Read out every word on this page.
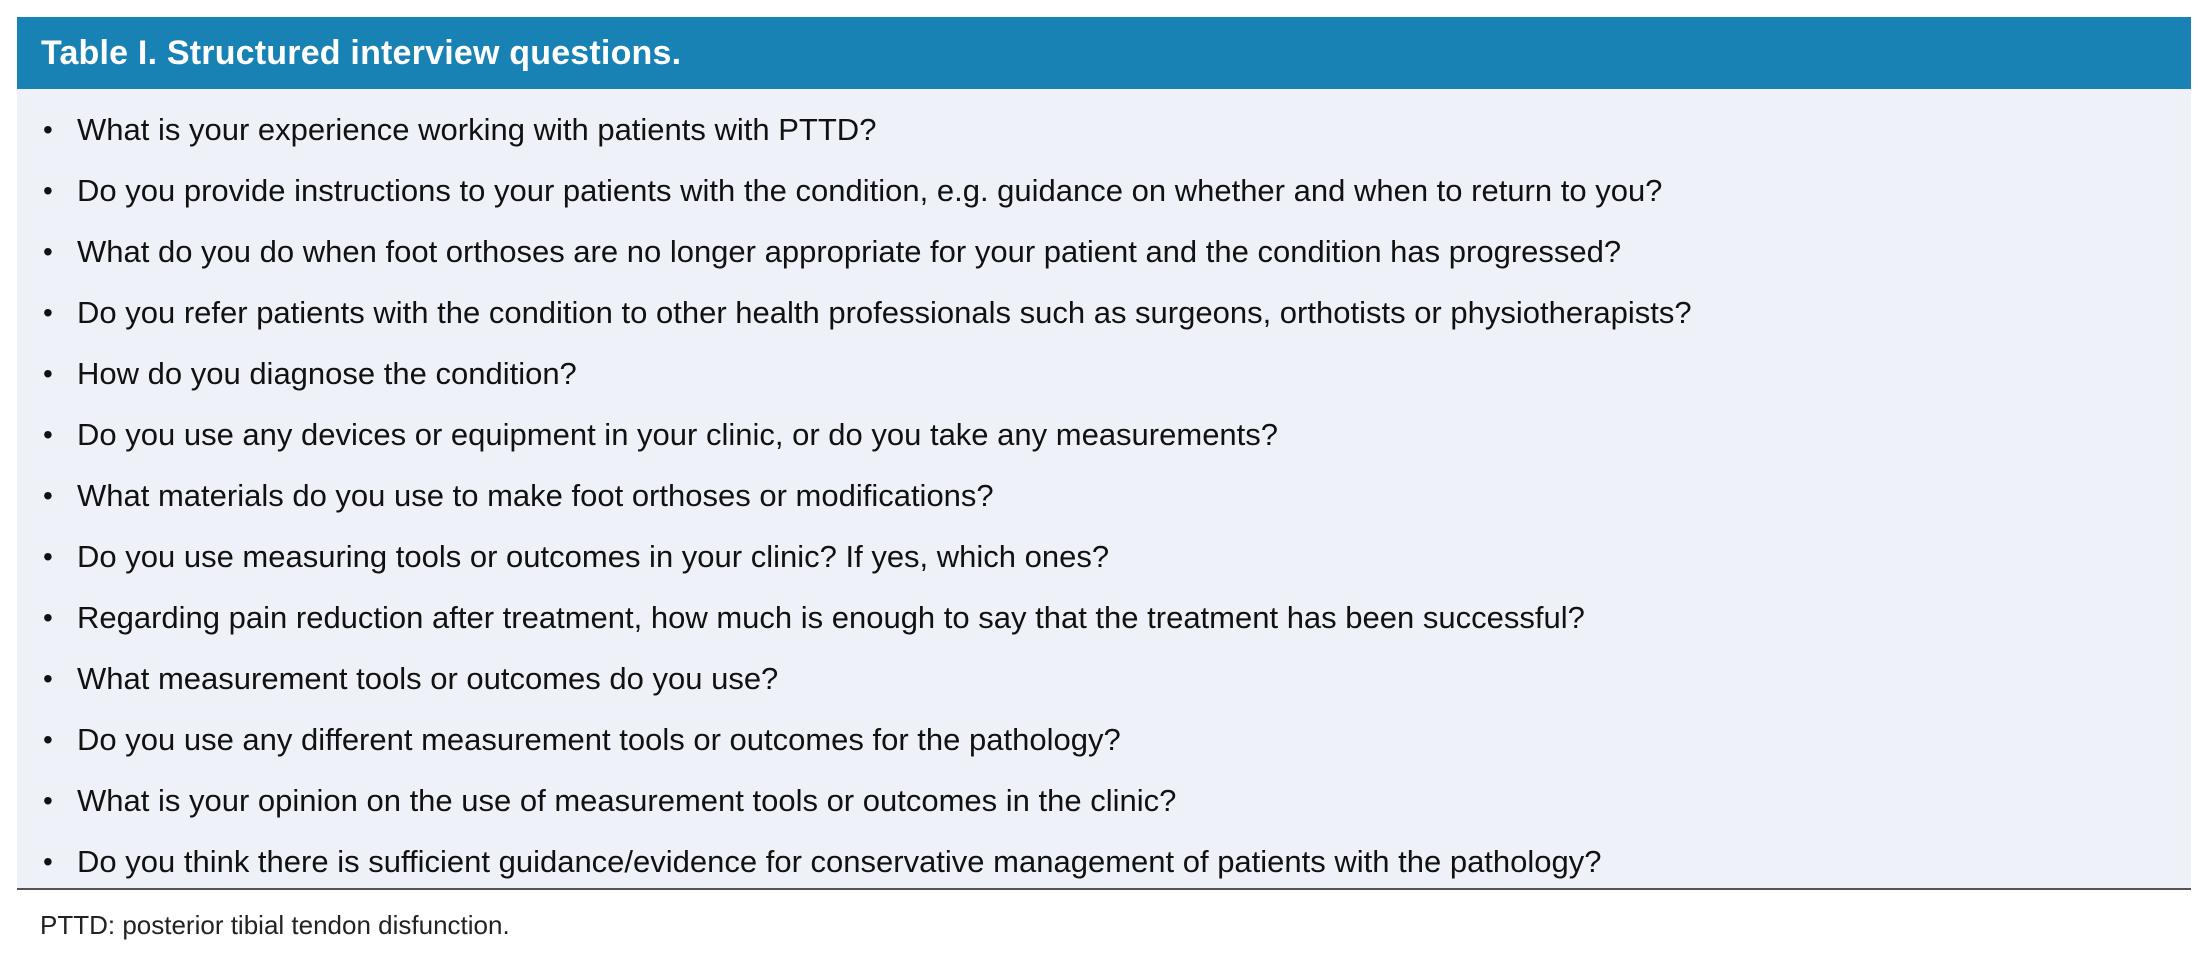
Table I. Structured interview questions.
• What is your experience working with patients with PTTD?
• Do you provide instructions to your patients with the condition, e.g. guidance on whether and when to return to you?
• What do you do when foot orthoses are no longer appropriate for your patient and the condition has progressed?
• Do you refer patients with the condition to other health professionals such as surgeons, orthotists or physiotherapists?
• How do you diagnose the condition?
• Do you use any devices or equipment in your clinic, or do you take any measurements?
• What materials do you use to make foot orthoses or modifications?
• Do you use measuring tools or outcomes in your clinic? If yes, which ones?
• Regarding pain reduction after treatment, how much is enough to say that the treatment has been successful?
• What measurement tools or outcomes do you use?
• Do you use any different measurement tools or outcomes for the pathology?
• What is your opinion on the use of measurement tools or outcomes in the clinic?
• Do you think there is sufficient guidance/evidence for conservative management of patients with the pathology?
PTTD: posterior tibial tendon disfunction.
